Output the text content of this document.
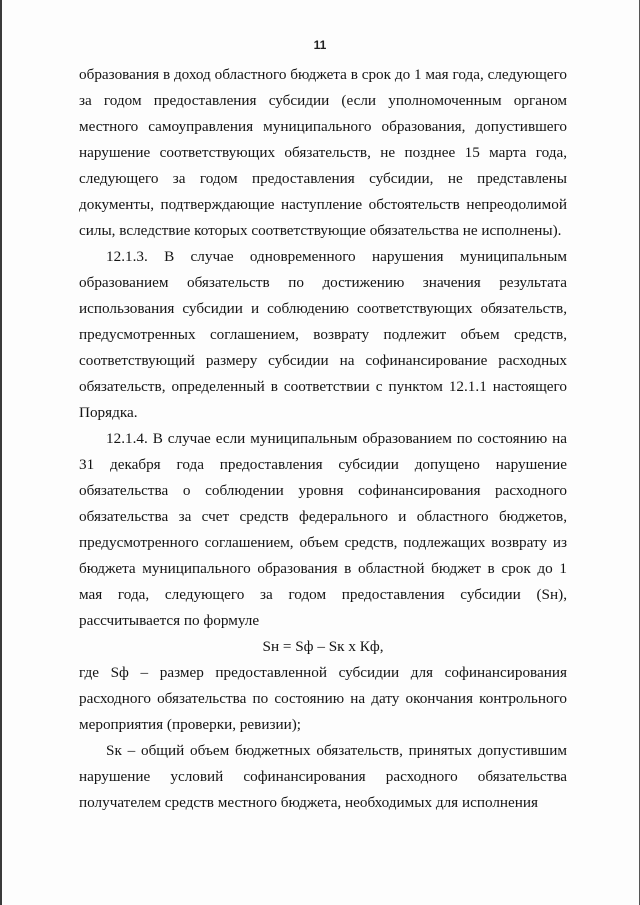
11

образования в доход областного бюджета в срок до 1 мая года, следующего за годом предоставления субсидии (если уполномоченным органом местного самоуправления муниципального образования, допустившего нарушение соответствующих обязательств, не позднее 15 марта года, следующего за годом предоставления субсидии, не представлены документы, подтверждающие наступление обстоятельств непреодолимой силы, вследствие которых соответствующие обязательства не исполнены).

12.1.3. В случае одновременного нарушения муниципальным образованием обязательств по достижению значения результата использования субсидии и соблюдению соответствующих обязательств, предусмотренных соглашением, возврату подлежит объем средств, соответствующий размеру субсидии на софинансирование расходных обязательств, определенный в соответствии с пунктом 12.1.1 настоящего Порядка.

12.1.4. В случае если муниципальным образованием по состоянию на 31 декабря года предоставления субсидии допущено нарушение обязательства о соблюдении уровня софинансирования расходного обязательства за счет средств федерального и областного бюджетов, предусмотренного соглашением, объем средств, подлежащих возврату из бюджета муниципального образования в областной бюджет в срок до 1 мая года, следующего за годом предоставления субсидии (Sн), рассчитывается по формуле

Sн = Sф – Sк x Кф,

где Sф – размер предоставленной субсидии для софинансирования расходного обязательства по состоянию на дату окончания контрольного мероприятия (проверки, ревизии);

Sк – общий объем бюджетных обязательств, принятых допустившим нарушение условий софинансирования расходного обязательства получателем средств местного бюджета, необходимых для исполнения
